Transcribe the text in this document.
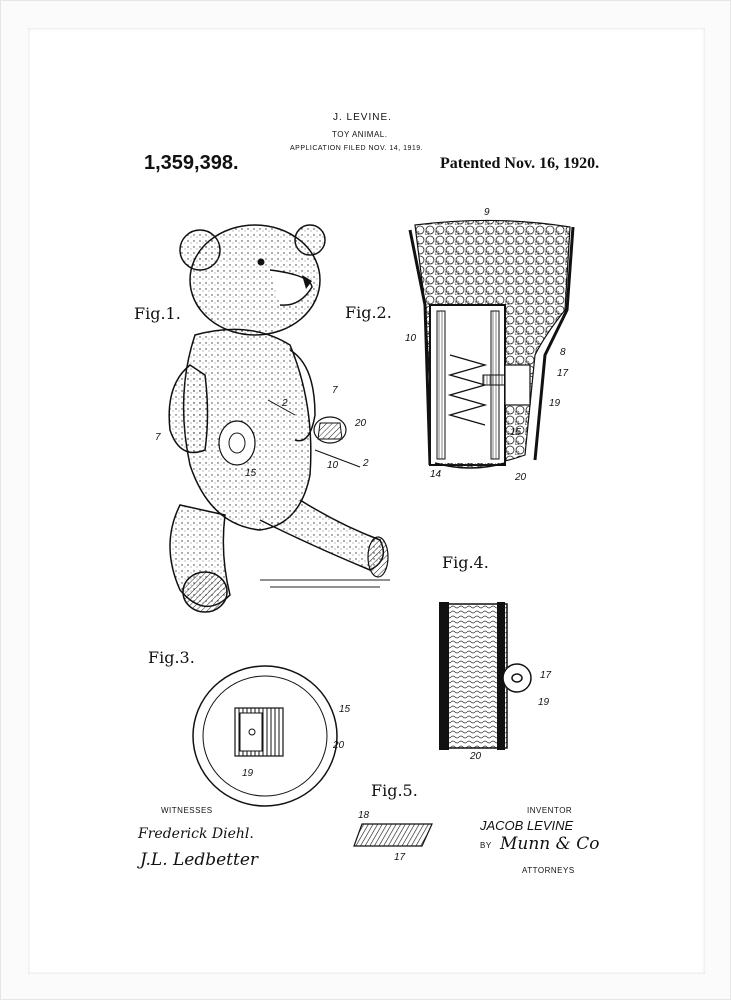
J. LEVINE.
TOY ANIMAL.
APPLICATION FILED NOV. 14, 1919.
1,359,398.	Patented Nov. 16, 1920.
Fig.1.	Fig.2.
Fig.3.
Fig.4.
Fig.5.
7
7
2
20
10 2
15
9
10
8
17
19
15
14	20
15
20
19
17
19
20
18
17
WITNESSES
Frederick Diehl.
J.L. Ledbetter
INVENTOR
JACOB LEVINE
BY Munn & Co
ATTORNEYS
